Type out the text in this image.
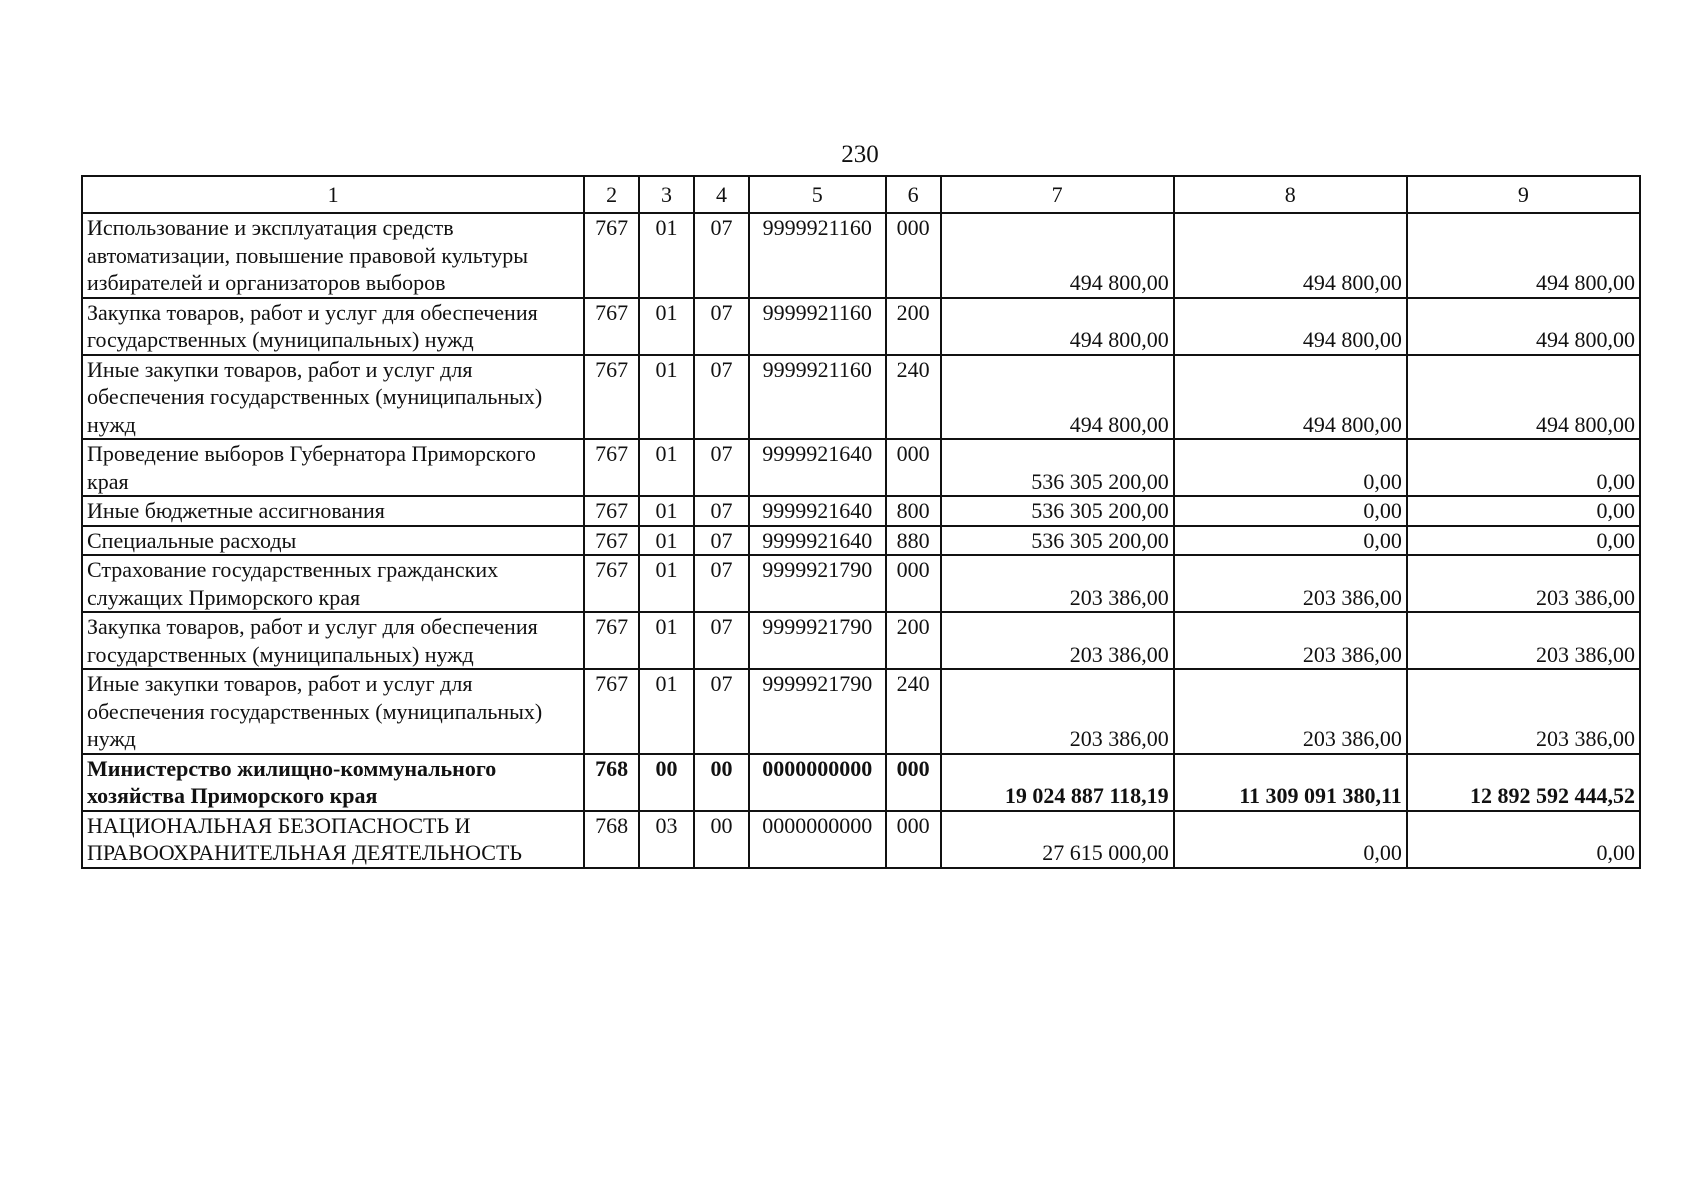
230
1	2	3	4	5	6	7	8	9
Использование и эксплуатация средств автоматизации, повышение правовой культуры избирателей и организаторов выборов	767	01	07	9999921160	000	494 800,00	494 800,00	494 800,00
Закупка товаров, работ и услуг для обеспечения государственных (муниципальных) нужд	767	01	07	9999921160	200	494 800,00	494 800,00	494 800,00
Иные закупки товаров, работ и услуг для обеспечения государственных (муниципальных) нужд	767	01	07	9999921160	240	494 800,00	494 800,00	494 800,00
Проведение выборов Губернатора Приморского края	767	01	07	9999921640	000	536 305 200,00	0,00	0,00
Иные бюджетные ассигнования	767	01	07	9999921640	800	536 305 200,00	0,00	0,00
Специальные расходы	767	01	07	9999921640	880	536 305 200,00	0,00	0,00
Страхование государственных гражданских служащих Приморского края	767	01	07	9999921790	000	203 386,00	203 386,00	203 386,00
Закупка товаров, работ и услуг для обеспечения государственных (муниципальных) нужд	767	01	07	9999921790	200	203 386,00	203 386,00	203 386,00
Иные закупки товаров, работ и услуг для обеспечения государственных (муниципальных) нужд	767	01	07	9999921790	240	203 386,00	203 386,00	203 386,00
Министерство жилищно-коммунального хозяйства Приморского края	768	00	00	0000000000	000	19 024 887 118,19	11 309 091 380,11	12 892 592 444,52
НАЦИОНАЛЬНАЯ БЕЗОПАСНОСТЬ И ПРАВООХРАНИТЕЛЬНАЯ ДЕЯТЕЛЬНОСТЬ	768	03	00	0000000000	000	27 615 000,00	0,00	0,00
